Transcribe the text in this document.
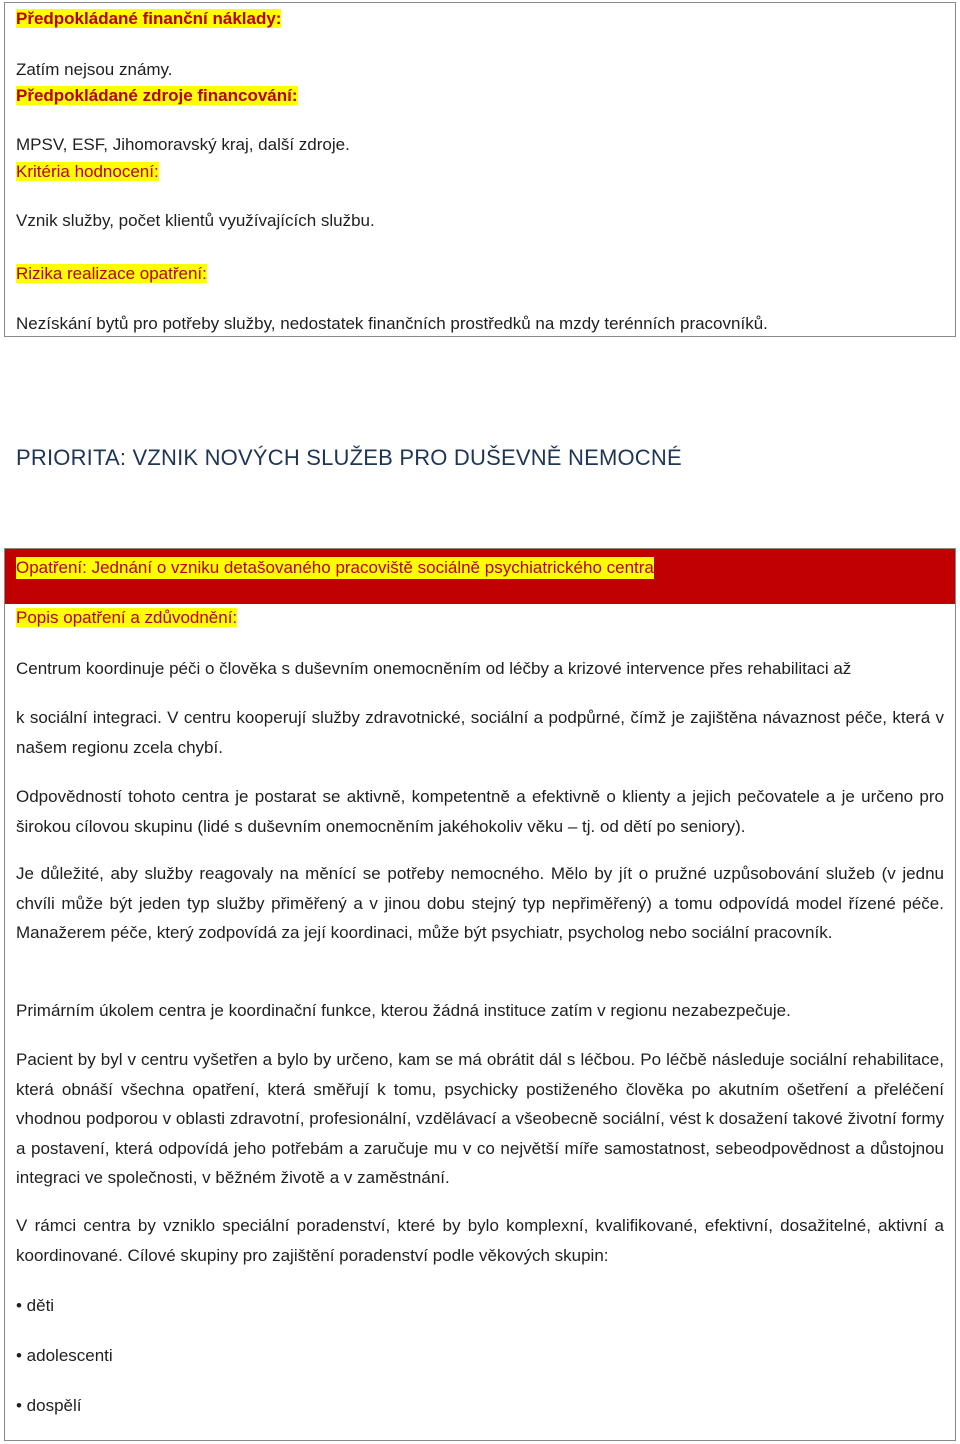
Předpokládané finanční náklady:
Zatím nejsou známy.
Předpokládané zdroje financování:
MPSV, ESF, Jihomoravský kraj, další zdroje.
Kritéria hodnocení:
Vznik služby, počet klientů využívajících službu.
Rizika realizace opatření:
Nezískání bytů pro potřeby služby, nedostatek finančních prostředků na mzdy terénních pracovníků.
PRIORITA: VZNIK NOVÝCH SLUŽEB PRO DUŠEVNĚ NEMOCNÉ
Opatření: Jednání o vzniku detašovaného pracoviště sociálně psychiatrického centra
Popis opatření a zdůvodnění:
Centrum koordinuje péči o člověka s duševním onemocněním od léčby a krizové intervence přes rehabilitaci až
k sociální integraci. V centru kooperují služby zdravotnické, sociální a podpůrné, čímž je zajištěna návaznost péče, která v našem regionu zcela chybí.
Odpovědností tohoto centra je postarat se aktivně, kompetentně a efektivně o klienty a jejich pečovatele a je určeno pro širokou cílovou skupinu (lidé s duševním onemocněním jakéhokoliv věku – tj. od dětí po seniory).
Je důležité, aby služby reagovaly na měnící se potřeby nemocného. Mělo by jít o pružné uzpůsobování služeb (v jednu chvíli může být jeden typ služby přiměřený a v jinou dobu stejný typ nepřiměřený) a tomu odpovídá model řízené péče. Manažerem péče, který zodpovídá za její koordinaci, může být psychiatr, psycholog nebo sociální pracovník.
Primárním úkolem centra je koordinační funkce, kterou žádná instituce zatím v regionu nezabezpečuje.
Pacient by byl v centru vyšetřen a bylo by určeno, kam se má obrátit dál s léčbou. Po léčbě následuje sociální rehabilitace, která obnáší všechna opatření, která směřují k tomu, psychicky postiženého člověka po akutním ošetření a přeléčení vhodnou podporou v oblasti zdravotní, profesionální, vzdělávací a všeobecně sociální, vést k dosažení takové životní formy a postavení, která odpovídá jeho potřebám a zaručuje mu v co největší míře samostatnost, sebeodpovědnost a důstojnou integraci ve společnosti, v běžném životě a v zaměstnání.
V rámci centra by vzniklo speciální poradenství, které by bylo komplexní, kvalifikované, efektivní, dosažitelné, aktivní a koordinované. Cílové skupiny pro zajištění poradenství podle věkových skupin:
• děti
• adolescenti
• dospělí
